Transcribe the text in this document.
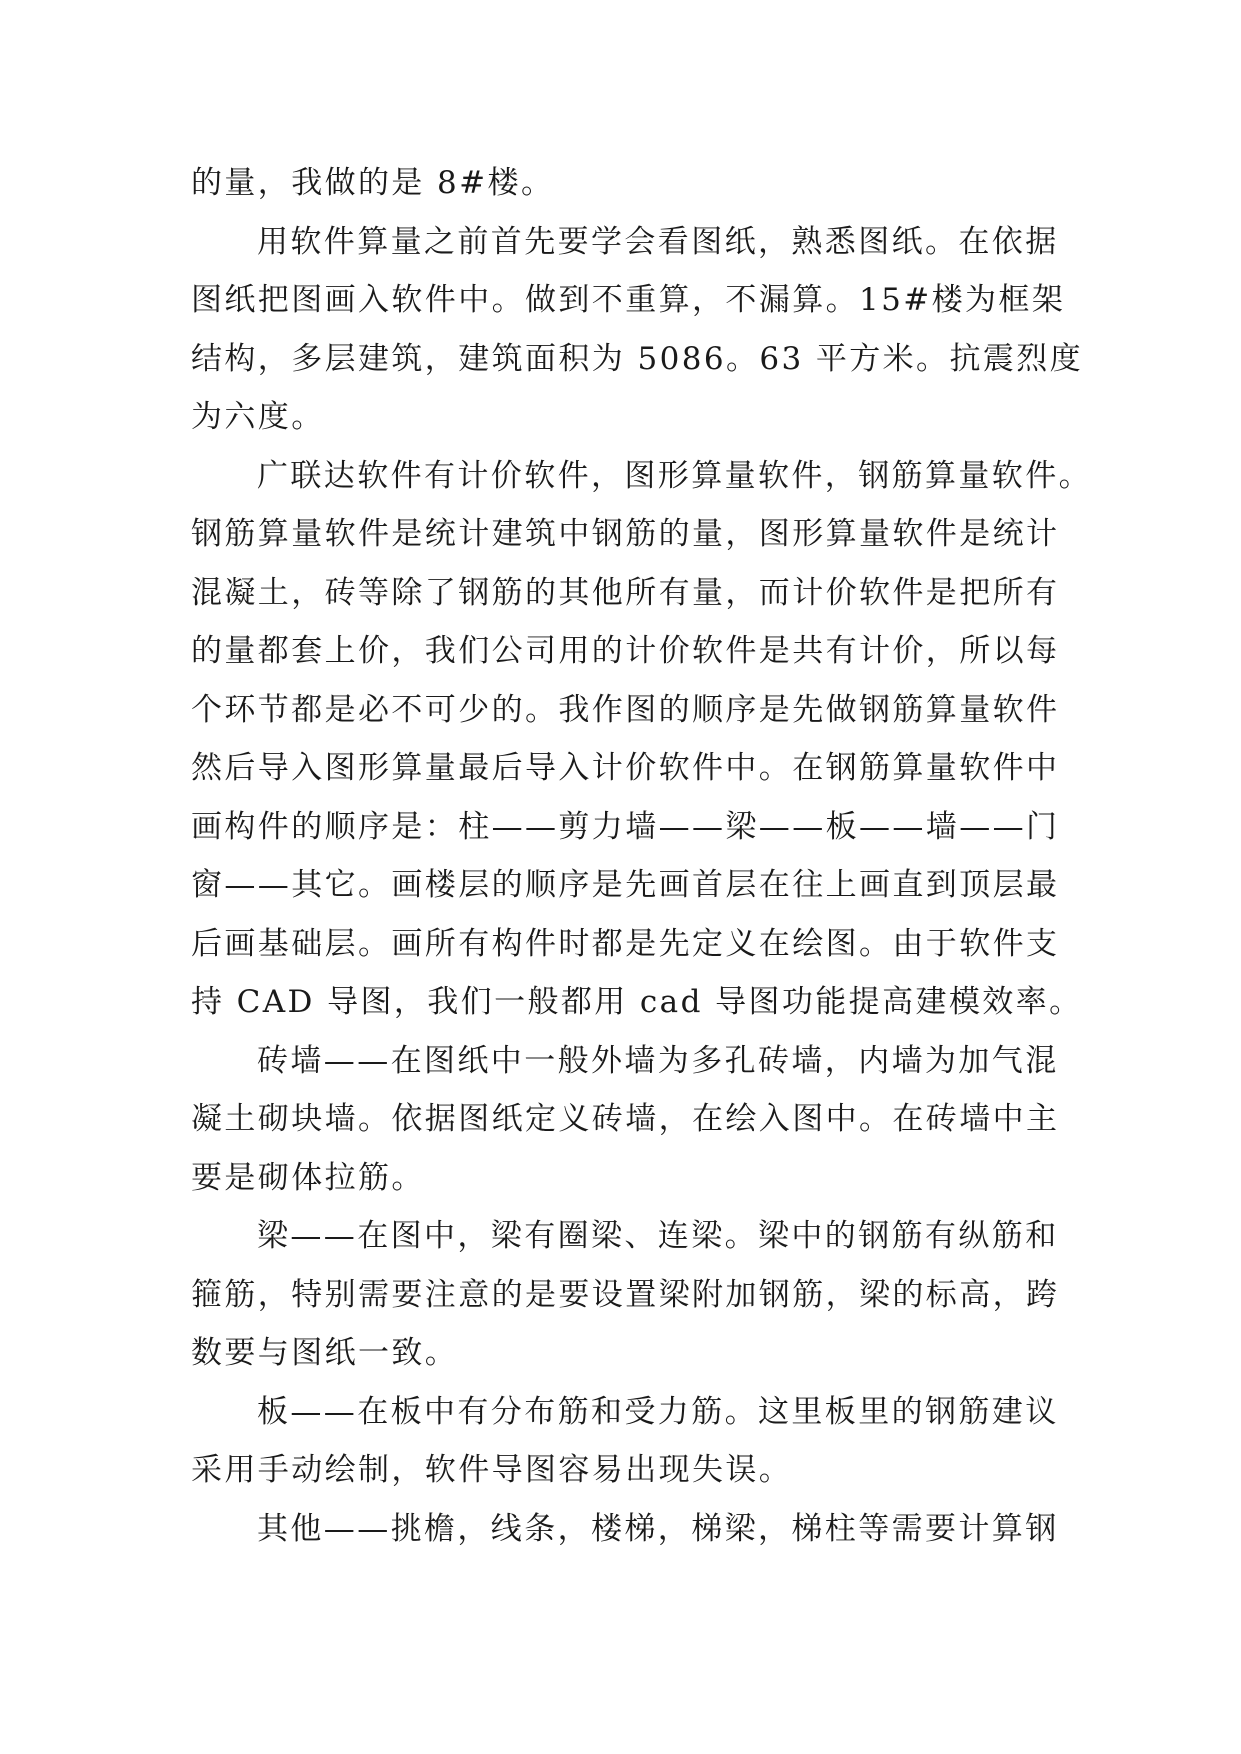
的量，我做的是 8#楼。
用软件算量之前首先要学会看图纸，熟悉图纸。在依据
图纸把图画入软件中。做到不重算，不漏算。15#楼为框架
结构，多层建筑，建筑面积为 5086。63 平方米。抗震烈度
为六度。
广联达软件有计价软件，图形算量软件，钢筋算量软件。
钢筋算量软件是统计建筑中钢筋的量，图形算量软件是统计
混凝土，砖等除了钢筋的其他所有量，而计价软件是把所有
的量都套上价，我们公司用的计价软件是共有计价，所以每
个环节都是必不可少的。我作图的顺序是先做钢筋算量软件
然后导入图形算量最后导入计价软件中。在钢筋算量软件中
画构件的顺序是：柱——剪力墙——梁——板——墙——门
窗——其它。画楼层的顺序是先画首层在往上画直到顶层最
后画基础层。画所有构件时都是先定义在绘图。由于软件支
持 CAD 导图，我们一般都用 cad 导图功能提高建模效率。
砖墙——在图纸中一般外墙为多孔砖墙，内墙为加气混
凝土砌块墙。依据图纸定义砖墙，在绘入图中。在砖墙中主
要是砌体拉筋。
梁——在图中，梁有圈梁、连梁。梁中的钢筋有纵筋和
箍筋，特别需要注意的是要设置梁附加钢筋，梁的标高，跨
数要与图纸一致。
板——在板中有分布筋和受力筋。这里板里的钢筋建议
采用手动绘制，软件导图容易出现失误。
其他——挑檐，线条，楼梯，梯梁，梯柱等需要计算钢
